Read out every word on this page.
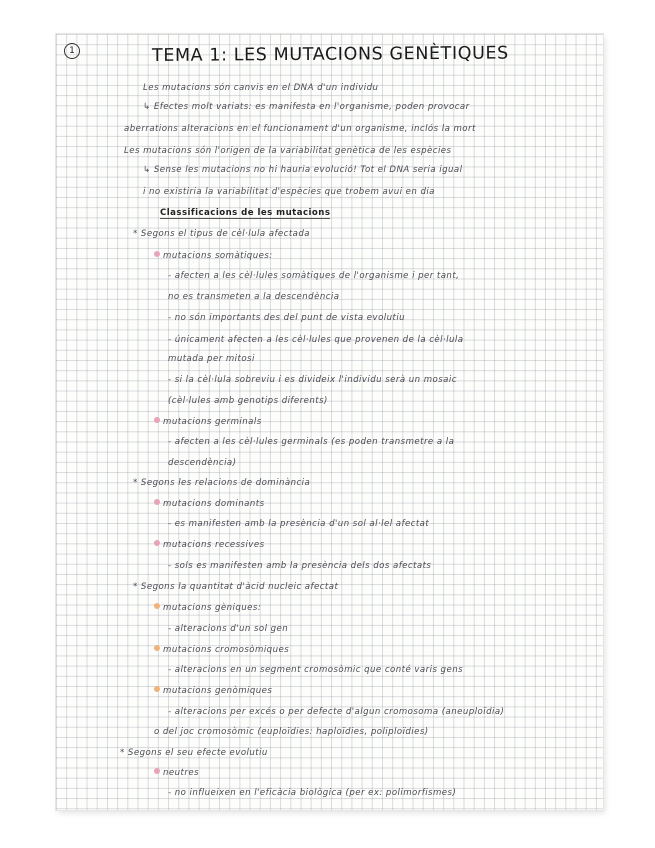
1	TEMA 1: LES MUTACIONS GENÈTIQUES
Les mutacions són canvis en el DNA d'un individu
↳ Efectes molt variats: es manifesta en l'organisme, poden provocar
aberrations alteracions en el funcionament d'un organisme, inclós la mort
Les mutacions són l'origen de la variabilitat genètica de les espècies
↳ Sense les mutacions no hi hauria evolució! Tot el DNA seria igual
i no existiria la variabilitat d'espècies que trobem avui en dia
Classificacions de les mutacions
* Segons el tipus de cèl·lula afectada
mutacions somàtiques:
- afecten a les cèl·lules somàtiques de l'organisme i per tant,
no es transmeten a la descendència
- no són importants des del punt de vista evolutiu
- únicament afecten a les cèl·lules que provenen de la cèl·lula
mutada per mitosi
- si la cèl·lula sobreviu i es divideix l'individu serà un mosaic
(cèl·lules amb genotips diferents)
mutacions germinals
- afecten a les cèl·lules germinals (es poden transmetre a la
descendència)
* Segons les relacions de dominància
mutacions dominants
- es manifesten amb la presència d'un sol al·lel afectat
mutacions recessives
- sols es manifesten amb la presència dels dos afectats
* Segons la quantitat d'àcid nucleic afectat
mutacions gèniques:
- alteracions d'un sol gen
mutacions cromosòmiques
- alteracions en un segment cromosòmic que conté varis gens
mutacions genòmiques
- alteracions per excés o per defecte d'algun cromosoma (aneuploïdia)
o del joc cromosòmic (euploïdies: haploïdies, poliploïdies)
* Segons el seu efecte evolutiu
neutres
- no influeixen en l'eficàcia biològica (per ex: polimorfismes)
